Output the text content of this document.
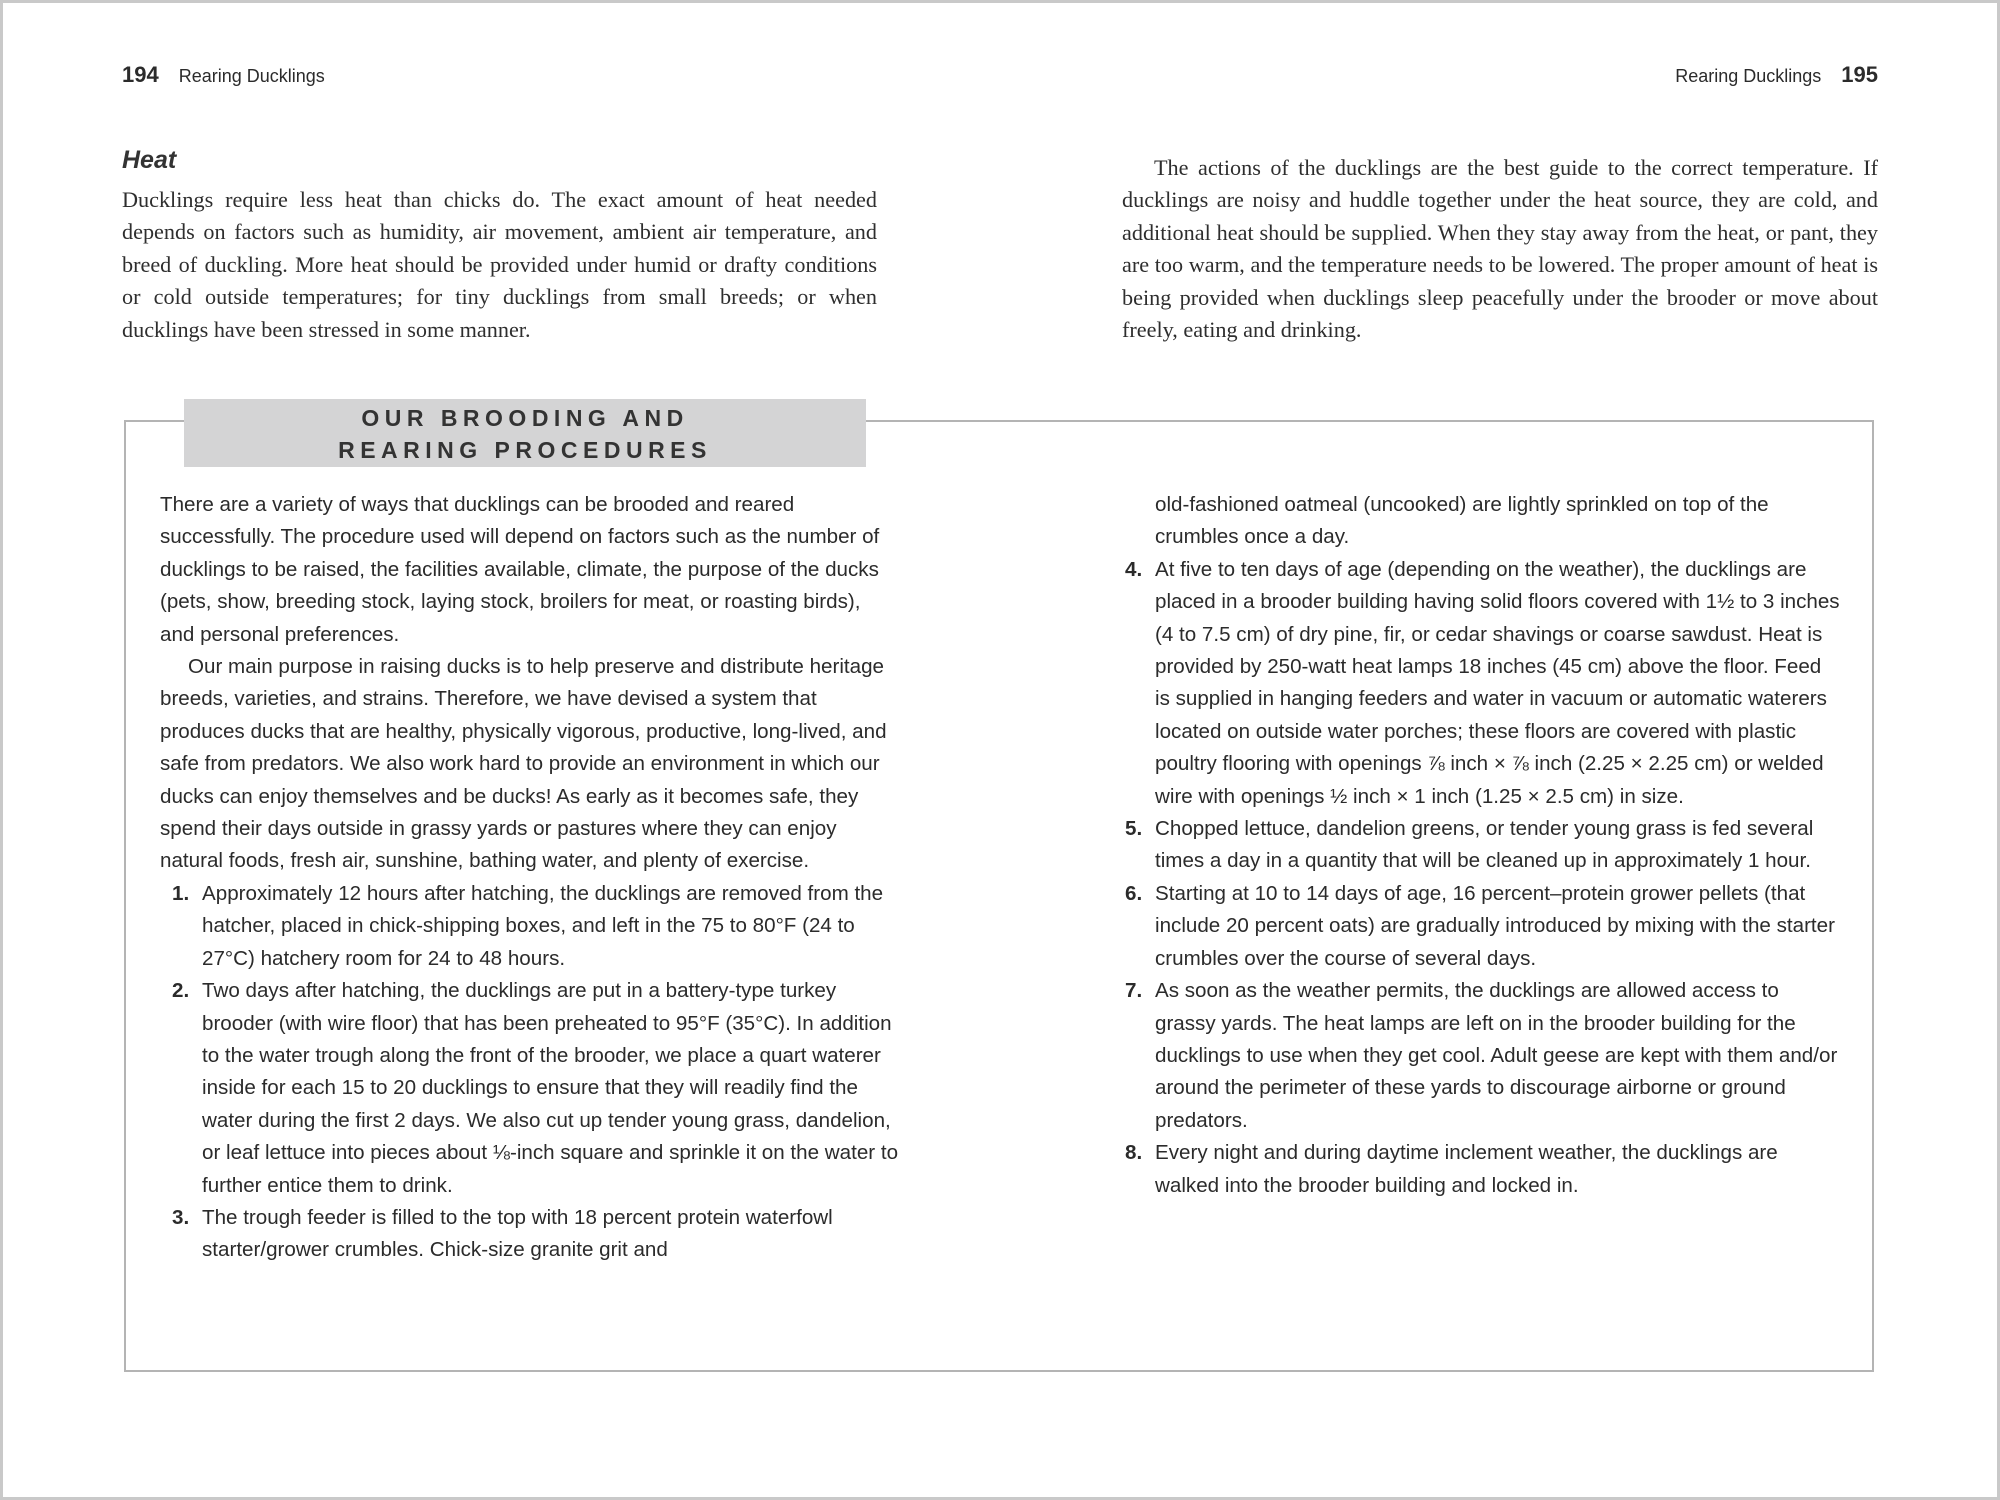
194 Rearing Ducklings	Rearing Ducklings 195
Heat

Ducklings require less heat than chicks do. The exact amount of heat needed depends on factors such as humidity, air movement, ambient air temperature, and breed of duckling. More heat should be provided under humid or drafty conditions or cold outside temperatures; for tiny ducklings from small breeds; or when ducklings have been stressed in some manner.

The actions of the ducklings are the best guide to the correct temperature. If ducklings are noisy and huddle together under the heat source, they are cold, and additional heat should be supplied. When they stay away from the heat, or pant, they are too warm, and the temperature needs to be lowered. The proper amount of heat is being provided when ducklings sleep peacefully under the brooder or move about freely, eating and drinking.

OUR BROODING AND
REARING PROCEDURES

There are a variety of ways that ducklings can be brooded and reared successfully. The procedure used will depend on factors such as the number of ducklings to be raised, the facilities available, climate, the purpose of the ducks (pets, show, breeding stock, laying stock, broilers for meat, or roasting birds), and personal preferences.

Our main purpose in raising ducks is to help preserve and distribute heritage breeds, varieties, and strains. Therefore, we have devised a system that produces ducks that are healthy, physically vigorous, productive, long-lived, and safe from predators. We also work hard to provide an environment in which our ducks can enjoy themselves and be ducks! As early as it becomes safe, they spend their days outside in grassy yards or pastures where they can enjoy natural foods, fresh air, sunshine, bathing water, and plenty of exercise.

1. Approximately 12 hours after hatching, the ducklings are removed from the hatcher, placed in chick-shipping boxes, and left in the 75 to 80°F (24 to 27°C) hatchery room for 24 to 48 hours.
2. Two days after hatching, the ducklings are put in a battery-type turkey brooder (with wire floor) that has been preheated to 95°F (35°C). In addition to the water trough along the front of the brooder, we place a quart waterer inside for each 15 to 20 ducklings to ensure that they will readily find the water during the first 2 days. We also cut up tender young grass, dandelion, or leaf lettuce into pieces about ⅛-inch square and sprinkle it on the water to further entice them to drink.
3. The trough feeder is filled to the top with 18 percent protein waterfowl starter/grower crumbles. Chick-size granite grit and

old-fashioned oatmeal (uncooked) are lightly sprinkled on top of the crumbles once a day.

4. At five to ten days of age (depending on the weather), the ducklings are placed in a brooder building having solid floors covered with 1½ to 3 inches (4 to 7.5 cm) of dry pine, fir, or cedar shavings or coarse sawdust. Heat is provided by 250-watt heat lamps 18 inches (45 cm) above the floor. Feed is supplied in hanging feeders and water in vacuum or automatic waterers located on outside water porches; these floors are covered with plastic poultry flooring with openings ⅞ inch × ⅞ inch (2.25 × 2.25 cm) or welded wire with openings ½ inch × 1 inch (1.25 × 2.5 cm) in size.
5. Chopped lettuce, dandelion greens, or tender young grass is fed several times a day in a quantity that will be cleaned up in approximately 1 hour.
6. Starting at 10 to 14 days of age, 16 percent–protein grower pellets (that include 20 percent oats) are gradually introduced by mixing with the starter crumbles over the course of several days.
7. As soon as the weather permits, the ducklings are allowed access to grassy yards. The heat lamps are left on in the brooder building for the ducklings to use when they get cool. Adult geese are kept with them and/or around the perimeter of these yards to discourage airborne or ground predators.
8. Every night and during daytime inclement weather, the ducklings are walked into the brooder building and locked in.
